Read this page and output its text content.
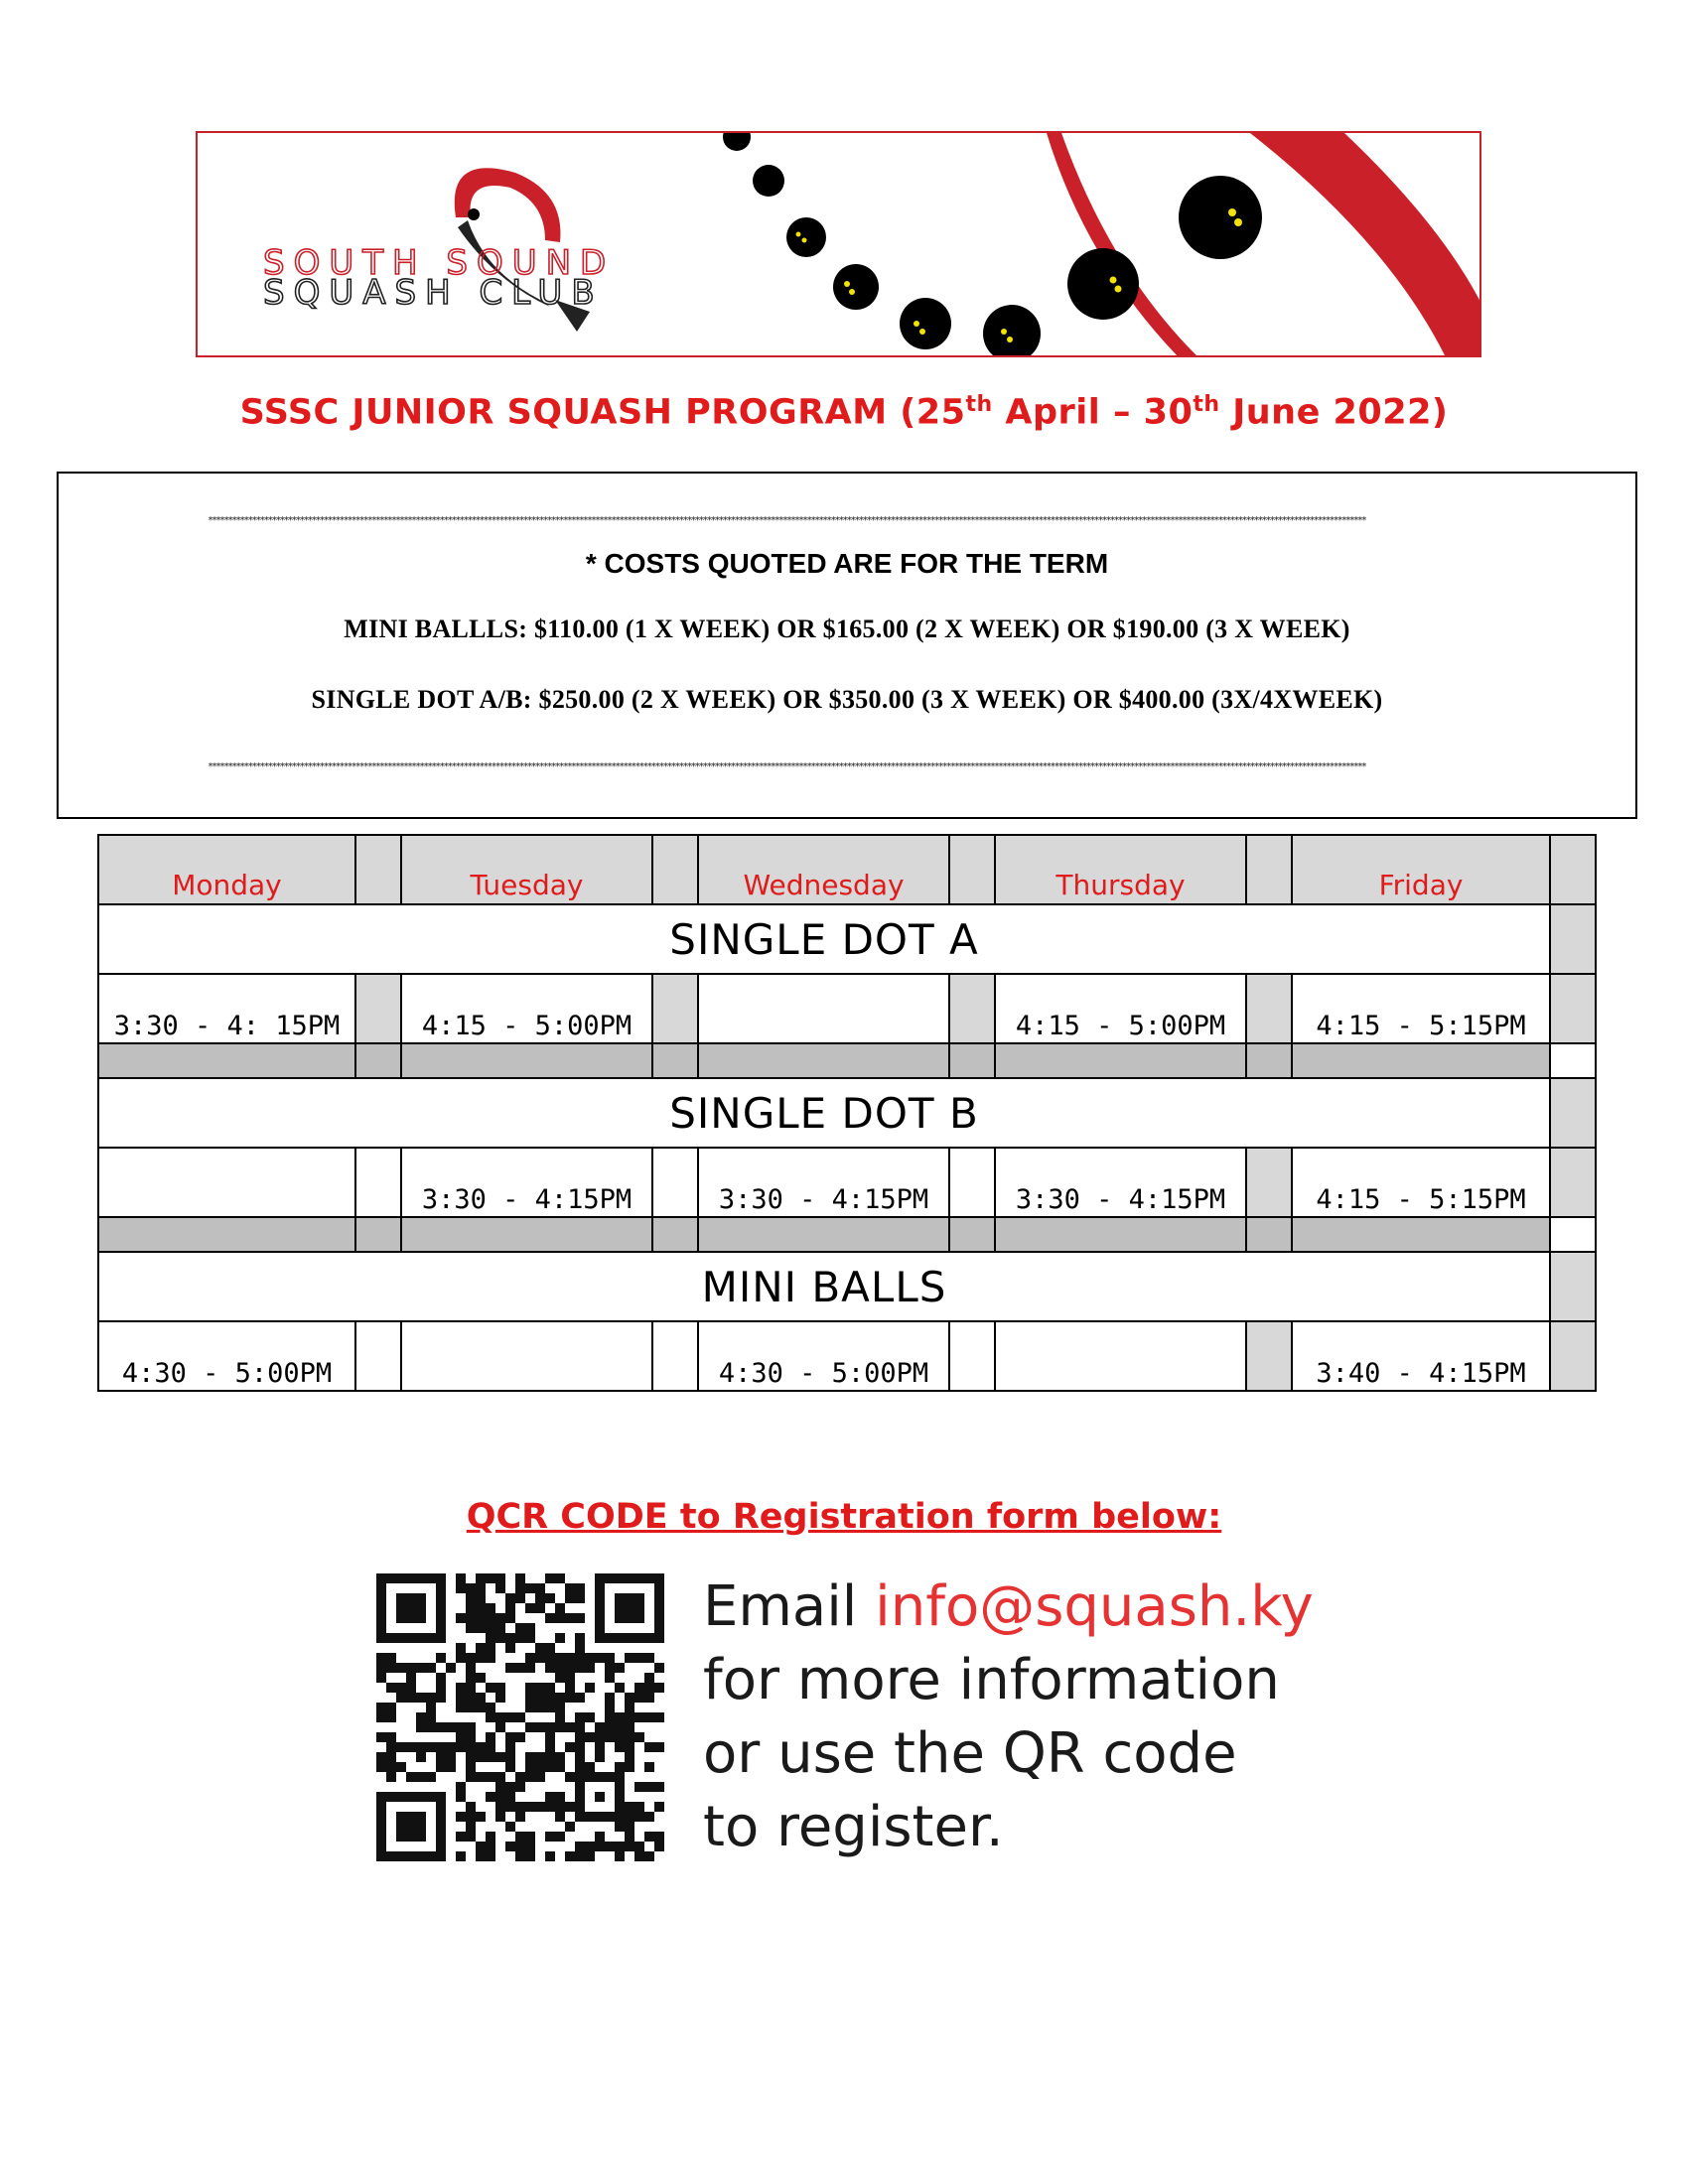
SOUTH SOUND
SQUASH CLUB
SSSC JUNIOR SQUASH PROGRAM (25th April – 30th June 2022)
**************************************************************************************************************************************************************************************************************************************************************************************************
* COSTS QUOTED ARE FOR THE TERM
MINI BALLLS: $110.00 (1 X WEEK) OR $165.00 (2 X WEEK) OR $190.00 (3 X WEEK)
SINGLE DOT A/B: $250.00 (2 X WEEK) OR $350.00 (3 X WEEK) OR $400.00 (3X/4XWEEK)
**************************************************************************************************************************************************************************************************************************************************************************************************
Monday		Tuesday		Wednesday		Thursday		Friday	
SINGLE DOT A									
3:30 - 4: 15PM		4:15 - 5:00PM				4:15 - 5:00PM		4:15 - 5:15PM	

SINGLE DOT B									
		3:30 - 4:15PM		3:30 - 4:15PM		3:30 - 4:15PM		4:15 - 5:15PM	

MINI BALLS									
4:30 - 5:00PM				4:30 - 5:00PM				3:40 - 4:15PM	
QCR CODE to Registration form below:
Email info@squash.ky
for more information
or use the QR code
to register.
